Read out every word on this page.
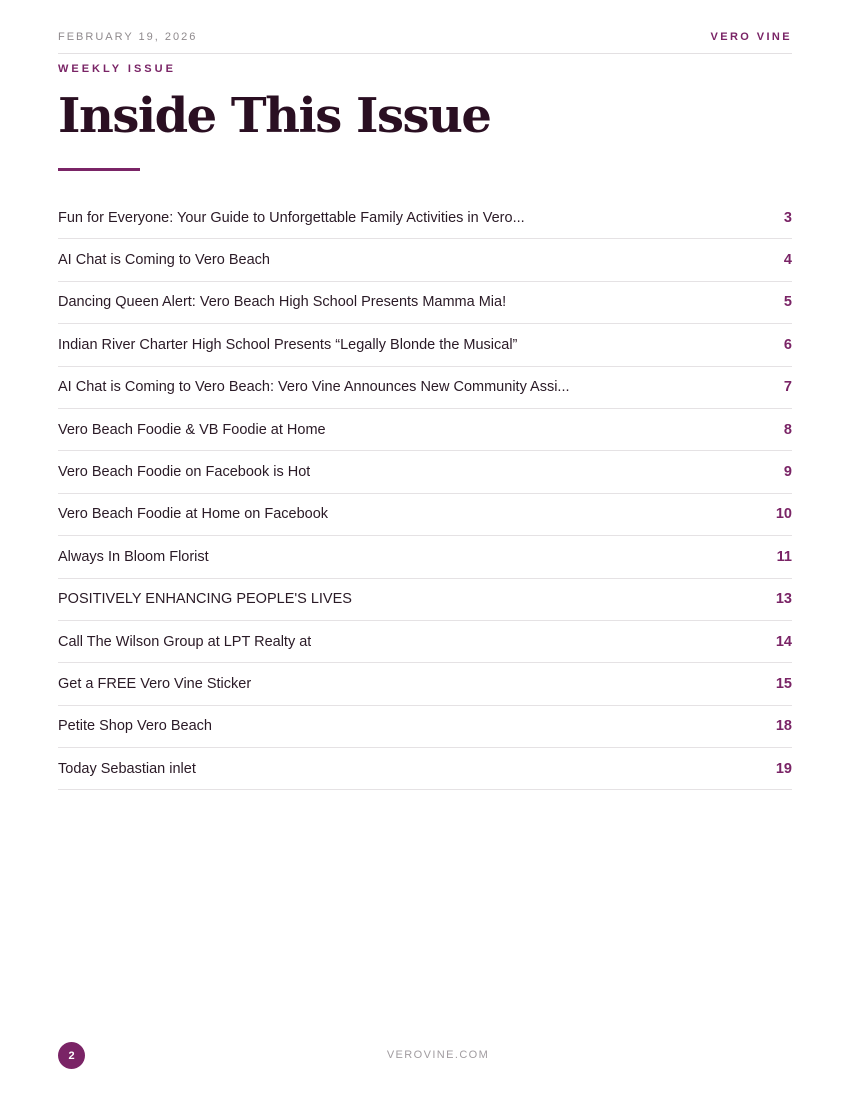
FEBRUARY 19, 2026	VERO VINE
WEEKLY ISSUE
Inside This Issue
Fun for Everyone: Your Guide to Unforgettable Family Activities in Vero...	3
AI Chat is Coming to Vero Beach	4
Dancing Queen Alert: Vero Beach High School Presents Mamma Mia!	5
Indian River Charter High School Presents “Legally Blonde the Musical”	6
AI Chat is Coming to Vero Beach: Vero Vine Announces New Community Assi...	7
Vero Beach Foodie & VB Foodie at Home	8
Vero Beach Foodie on Facebook is Hot	9
Vero Beach Foodie at Home on Facebook	10
Always In Bloom Florist	11
POSITIVELY ENHANCING PEOPLE'S LIVES	13
Call The Wilson Group at LPT Realty at	14
Get a FREE Vero Vine Sticker	15
Petite Shop Vero Beach	18
Today Sebastian inlet	19
2	VEROVINE.COM
